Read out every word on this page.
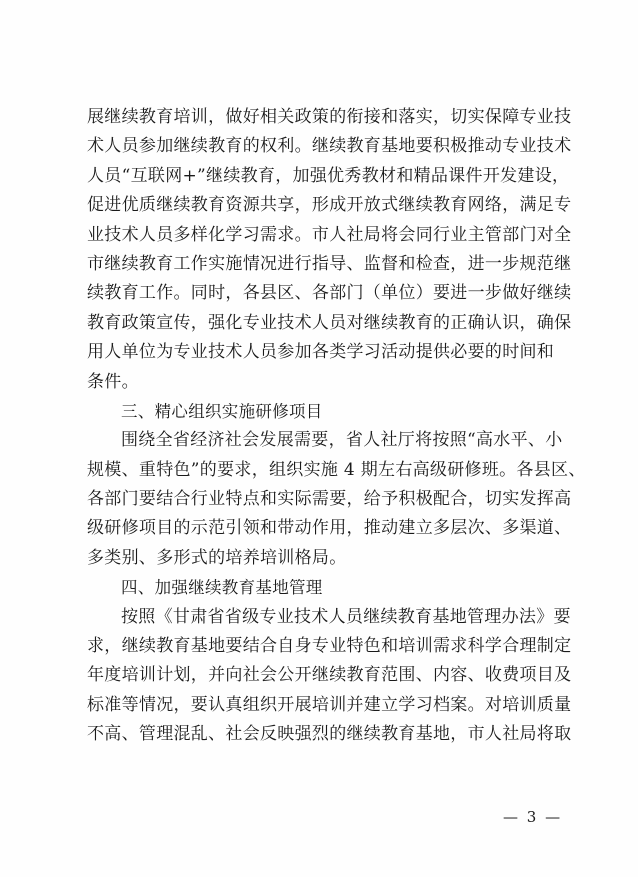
展继续教育培训，做好相关政策的衔接和落实，切实保障专业技
术人员参加继续教育的权利。继续教育基地要积极推动专业技术
人员“互联网+”继续教育，加强优秀教材和精品课件开发建设，
促进优质继续教育资源共享，形成开放式继续教育网络，满足专
业技术人员多样化学习需求。市人社局将会同行业主管部门对全
市继续教育工作实施情况进行指导、监督和检查，进一步规范继
续教育工作。同时，各县区、各部门（单位）要进一步做好继续
教育政策宣传，强化专业技术人员对继续教育的正确认识，确保
用人单位为专业技术人员参加各类学习活动提供必要的时间和
条件。
三、精心组织实施研修项目
围绕全省经济社会发展需要，省人社厅将按照“高水平、小
规模、重特色”的要求，组织实施 4 期左右高级研修班。各县区、
各部门要结合行业特点和实际需要，给予积极配合，切实发挥高
级研修项目的示范引领和带动作用，推动建立多层次、多渠道、
多类别、多形式的培养培训格局。
四、加强继续教育基地管理
按照《甘肃省省级专业技术人员继续教育基地管理办法》要
求，继续教育基地要结合自身专业特色和培训需求科学合理制定
年度培训计划，并向社会公开继续教育范围、内容、收费项目及
标准等情况，要认真组织开展培训并建立学习档案。对培训质量
不高、管理混乱、社会反映强烈的继续教育基地，市人社局将取
— 3 —
